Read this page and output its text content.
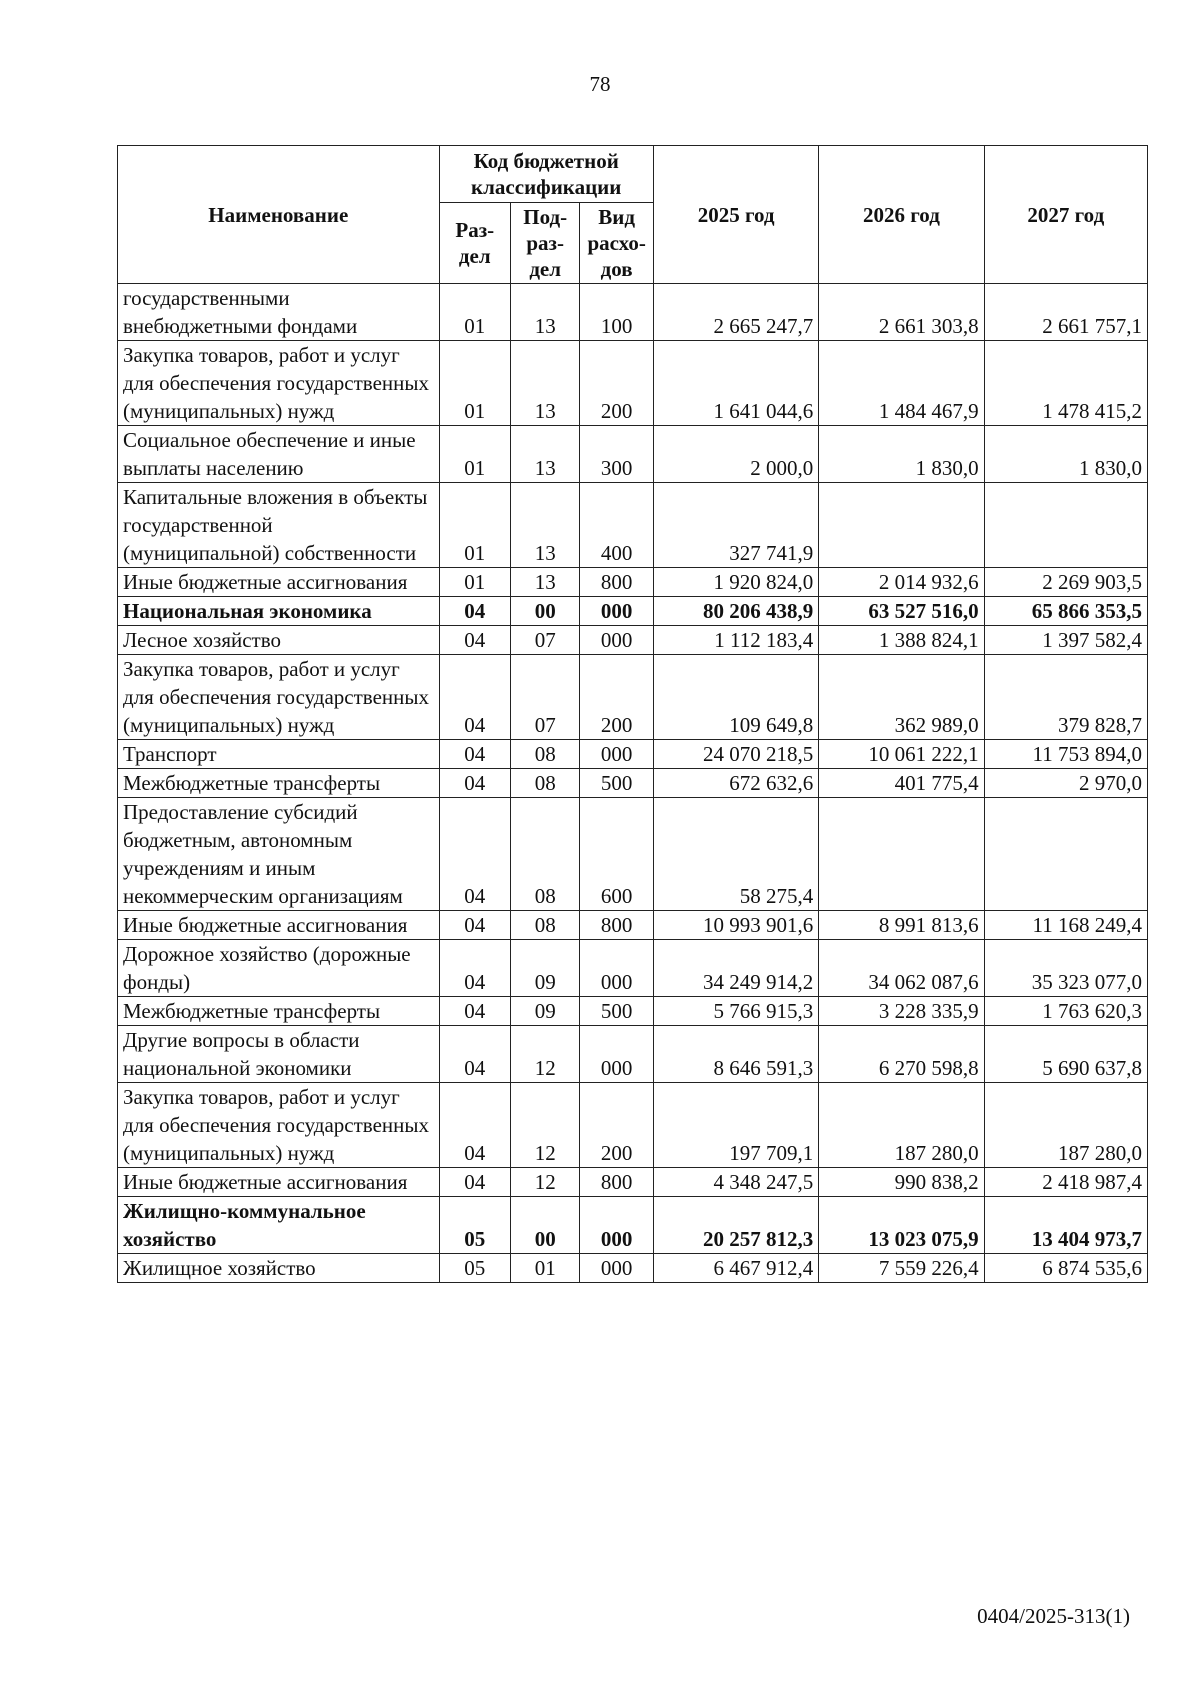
78
Наименование	Код бюджетной классификации			2025 год	2026 год	2027 год
	Раз-дел	Под-раз-дел	Вид расхо-дов			
государственными внебюджетными фондами	01	13	100	2 665 247,7	2 661 303,8	2 661 757,1
Закупка товаров, работ и услуг для обеспечения государственных (муниципальных) нужд	01	13	200	1 641 044,6	1 484 467,9	1 478 415,2
Социальное обеспечение и иные выплаты населению	01	13	300	2 000,0	1 830,0	1 830,0
Капитальные вложения в объекты государственной (муниципальной) собственности	01	13	400	327 741,9		
Иные бюджетные ассигнования	01	13	800	1 920 824,0	2 014 932,6	2 269 903,5
Национальная экономика	04	00	000	80 206 438,9	63 527 516,0	65 866 353,5
Лесное хозяйство	04	07	000	1 112 183,4	1 388 824,1	1 397 582,4
Закупка товаров, работ и услуг для обеспечения государственных (муниципальных) нужд	04	07	200	109 649,8	362 989,0	379 828,7
Транспорт	04	08	000	24 070 218,5	10 061 222,1	11 753 894,0
Межбюджетные трансферты	04	08	500	672 632,6	401 775,4	2 970,0
Предоставление субсидий бюджетным, автономным учреждениям и иным некоммерческим организациям	04	08	600	58 275,4		
Иные бюджетные ассигнования	04	08	800	10 993 901,6	8 991 813,6	11 168 249,4
Дорожное хозяйство (дорожные фонды)	04	09	000	34 249 914,2	34 062 087,6	35 323 077,0
Межбюджетные трансферты	04	09	500	5 766 915,3	3 228 335,9	1 763 620,3
Другие вопросы в области национальной экономики	04	12	000	8 646 591,3	6 270 598,8	5 690 637,8
Закупка товаров, работ и услуг для обеспечения государственных (муниципальных) нужд	04	12	200	197 709,1	187 280,0	187 280,0
Иные бюджетные ассигнования	04	12	800	4 348 247,5	990 838,2	2 418 987,4
Жилищно-коммунальное хозяйство	05	00	000	20 257 812,3	13 023 075,9	13 404 973,7
Жилищное хозяйство	05	01	000	6 467 912,4	7 559 226,4	6 874 535,6
0404/2025-313(1)
